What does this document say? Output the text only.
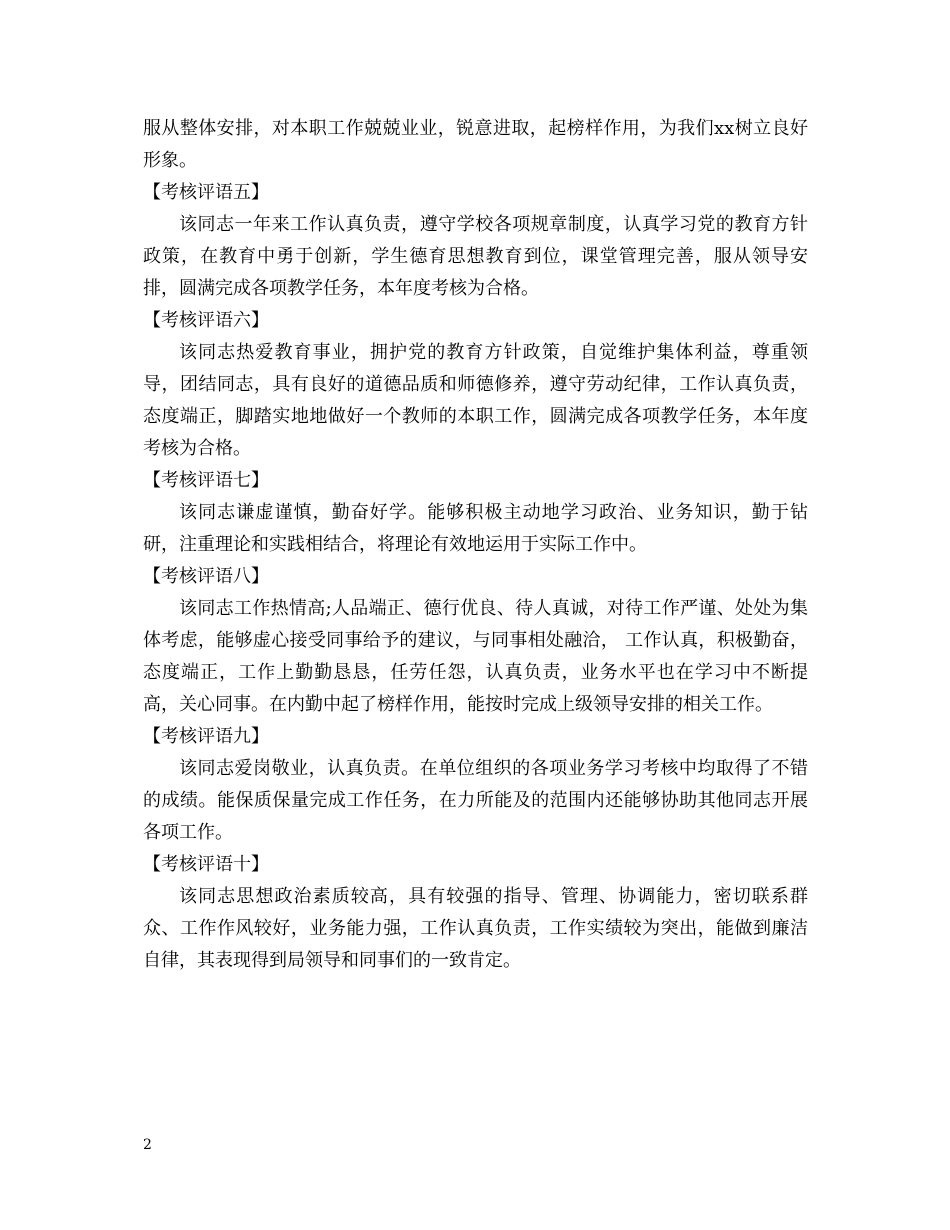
服从整体安排，对本职工作兢兢业业，锐意进取，起榜样作用，为我们xx树立良好形象。

【考核评语五】

该同志一年来工作认真负责，遵守学校各项规章制度，认真学习党的教育方针政策，在教育中勇于创新，学生德育思想教育到位，课堂管理完善，服从领导安排，圆满完成各项教学任务，本年度考核为合格。

【考核评语六】

该同志热爱教育事业，拥护党的教育方针政策，自觉维护集体利益，尊重领导，团结同志，具有良好的道德品质和师德修养，遵守劳动纪律，工作认真负责，态度端正，脚踏实地地做好一个教师的本职工作，圆满完成各项教学任务，本年度考核为合格。

【考核评语七】

该同志谦虚谨慎，勤奋好学。能够积极主动地学习政治、业务知识，勤于钻研，注重理论和实践相结合，将理论有效地运用于实际工作中。

【考核评语八】

该同志工作热情高;人品端正、德行优良、待人真诚，对待工作严谨、处处为集体考虑，能够虚心接受同事给予的建议，与同事相处融洽， 工作认真，积极勤奋，态度端正，工作上勤勤恳恳，任劳任怨，认真负责，业务水平也在学习中不断提高，关心同事。在内勤中起了榜样作用，能按时完成上级领导安排的相关工作。

【考核评语九】

该同志爱岗敬业，认真负责。在单位组织的各项业务学习考核中均取得了不错的成绩。能保质保量完成工作任务，在力所能及的范围内还能够协助其他同志开展各项工作。

【考核评语十】

该同志思想政治素质较高，具有较强的指导、管理、协调能力，密切联系群众、工作作风较好，业务能力强，工作认真负责，工作实绩较为突出，能做到廉洁自律，其表现得到局领导和同事们的一致肯定。

2
